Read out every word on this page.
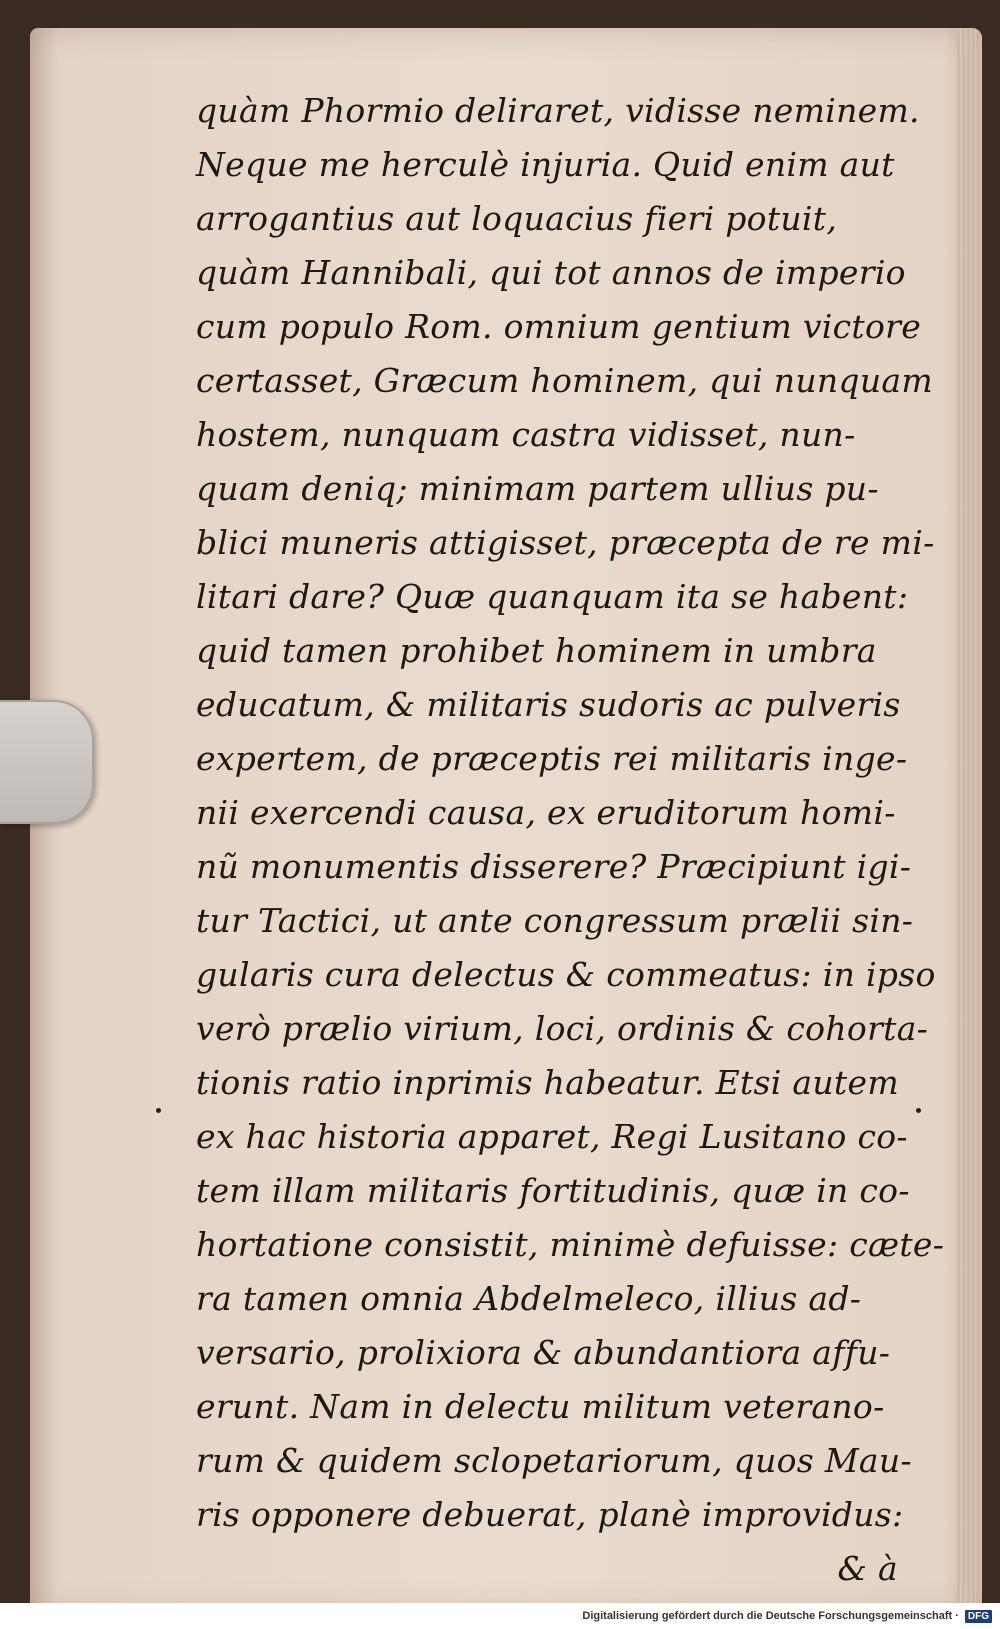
quàm Phormio deliraret, vidisse neminem.
Neque me herculè injuria. Quid enim aut
arrogantius aut loquacius fieri potuit,
quàm Hannibali, qui tot annos de imperio
cum populo Rom. omnium gentium victore
certasset, Græcum hominem, qui nunquam
hostem, nunquam castra vidisset, nun-
quam deniq; minimam partem ullius pu-
blici muneris attigisset, præcepta de re mi-
litari dare? Quæ quanquam ita se habent:
quid tamen prohibet hominem in umbra
educatum, & militaris sudoris ac pulveris
expertem, de præceptis rei militaris inge-
nii exercendi causa, ex eruditorum homi-
nũ monumentis disserere? Præcipiunt igi-
tur Tactici, ut ante congressum prælii sin-
gularis cura delectus & commeatus: in ipso
verò prælio virium, loci, ordinis & cohorta-
tionis ratio inprimis habeatur. Etsi autem
ex hac historia apparet, Regi Lusitano co-
tem illam militaris fortitudinis, quæ in co-
hortatione consistit, minimè defuisse: cæte-
ra tamen omnia Abdelmeleco, illius ad-
versario, prolixiora & abundantiora affu-
erunt. Nam in delectu militum veterano-
rum & quidem sclopetariorum, quos Mau-
ris opponere debuerat, planè improvidus:
& à
Digitalisierung gefördert durch die Deutsche Forschungsgemeinschaft · DFG
